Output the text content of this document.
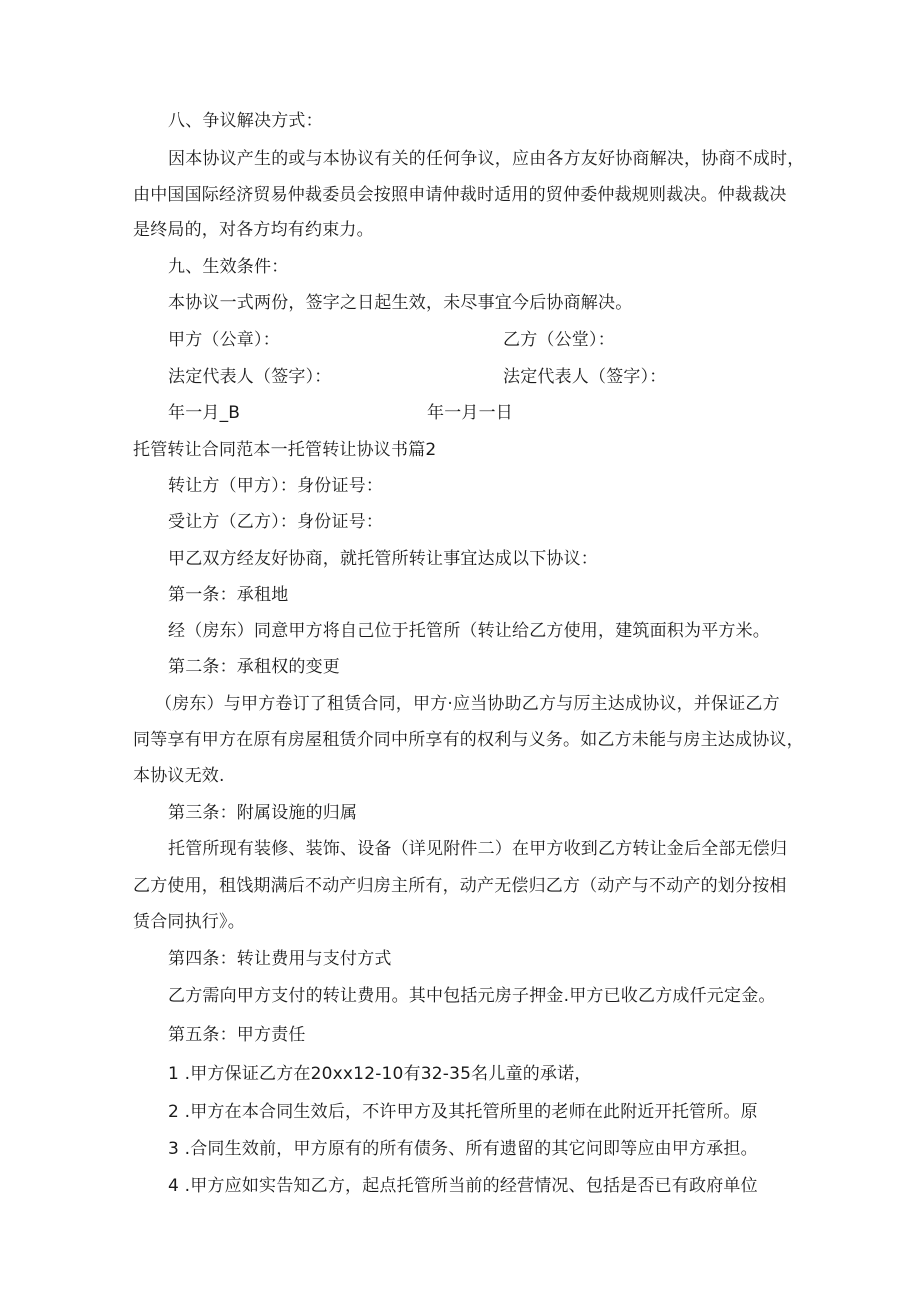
八、争议解决方式：
因本协议产生的或与本协议有关的任何争议，应由各方友好协商解决，协商不成时，
由中国国际经济贸易仲裁委员会按照申请仲裁时适用的贸仲委仲裁规则裁决。仲裁裁决
是终局的，对各方均有约束力。
九、生效条件：
本协议一式两份，签字之日起生效，未尽事宜今后协商解决。
甲方（公章）：	乙方（公堂）：
法定代表人（签字）：	法定代表人（签字）：
年一月_B	年一月一日
托管转让合同范本一托管转让协议书篇2
转让方（甲方）：身份证号：
受让方（乙方）：身份证号：
甲乙双方经友好协商，就托管所转让事宜达成以下协议：
第一条：承租地
经（房东）同意甲方将自己位于托管所（转让给乙方使用，建筑面积为平方米。
第二条：承租权的变更
（房东）与甲方卷订了租赁合同，甲方·应当协助乙方与厉主达成协议，并保证乙方
同等享有甲方在原有房屋租赁介同中所享有的权利与义务。如乙方未能与房主达成协议，
本协议无效.
第三条：附属设施的归属
托管所现有装修、装饰、设备（详见附件二）在甲方收到乙方转让金后全部无偿归
乙方使用，租饯期满后不动产归房主所有，动产无偿归乙方（动产与不动产的划分按相
赁合同执行》。
第四条：转让费用与支付方式
乙方需向甲方支付的转让费用。其中包括元房子押金.甲方已收乙方成仟元定金。
第五条：甲方责任
1 .甲方保证乙方在20xx12-10有32-35名儿童的承诺，
2 .甲方在本合同生效后，不许甲方及其托管所里的老师在此附近开托管所。原
3 .合同生效前，甲方原有的所有债务、所有遗留的其它问即等应由甲方承担。
4 .甲方应如实告知乙方，起点托管所当前的经营情况、包括是否已有政府单位
